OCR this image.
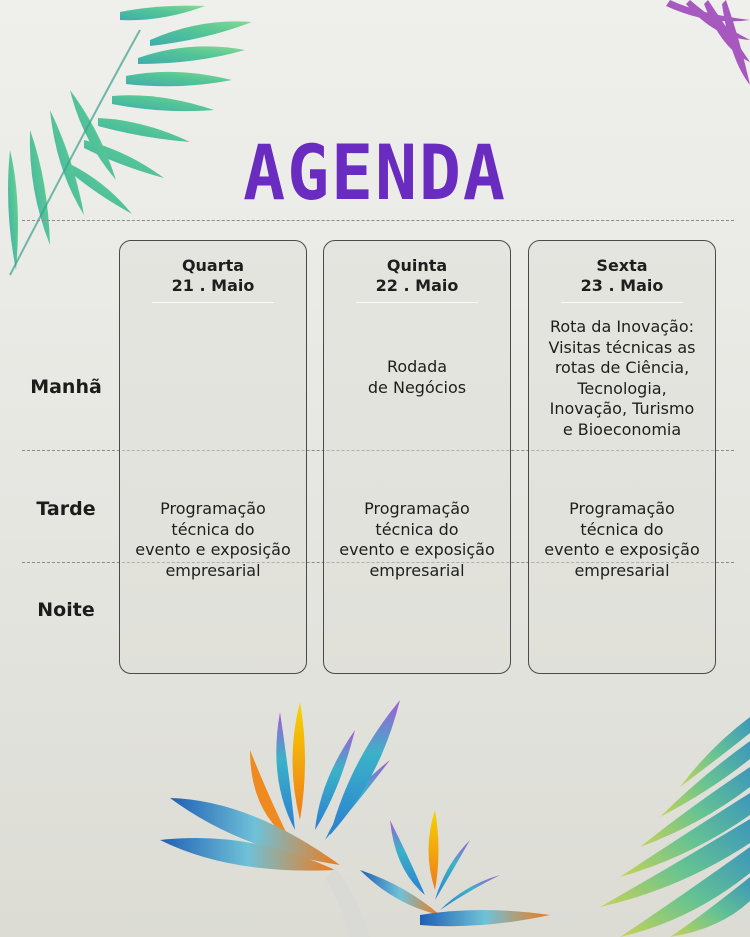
AGENDA
Manhã
Tarde
Noite
Quarta
21 . Maio
Programação
técnica do
evento e exposição
empresarial
Quinta
22 . Maio
Rodada
de Negócios
Programação
técnica do
evento e exposição
empresarial
Sexta
23 . Maio
Rota da Inovação:
Visitas técnicas as
rotas de Ciência,
Tecnologia,
Inovação, Turismo
e Bioeconomia
Programação
técnica do
evento e exposição
empresarial
